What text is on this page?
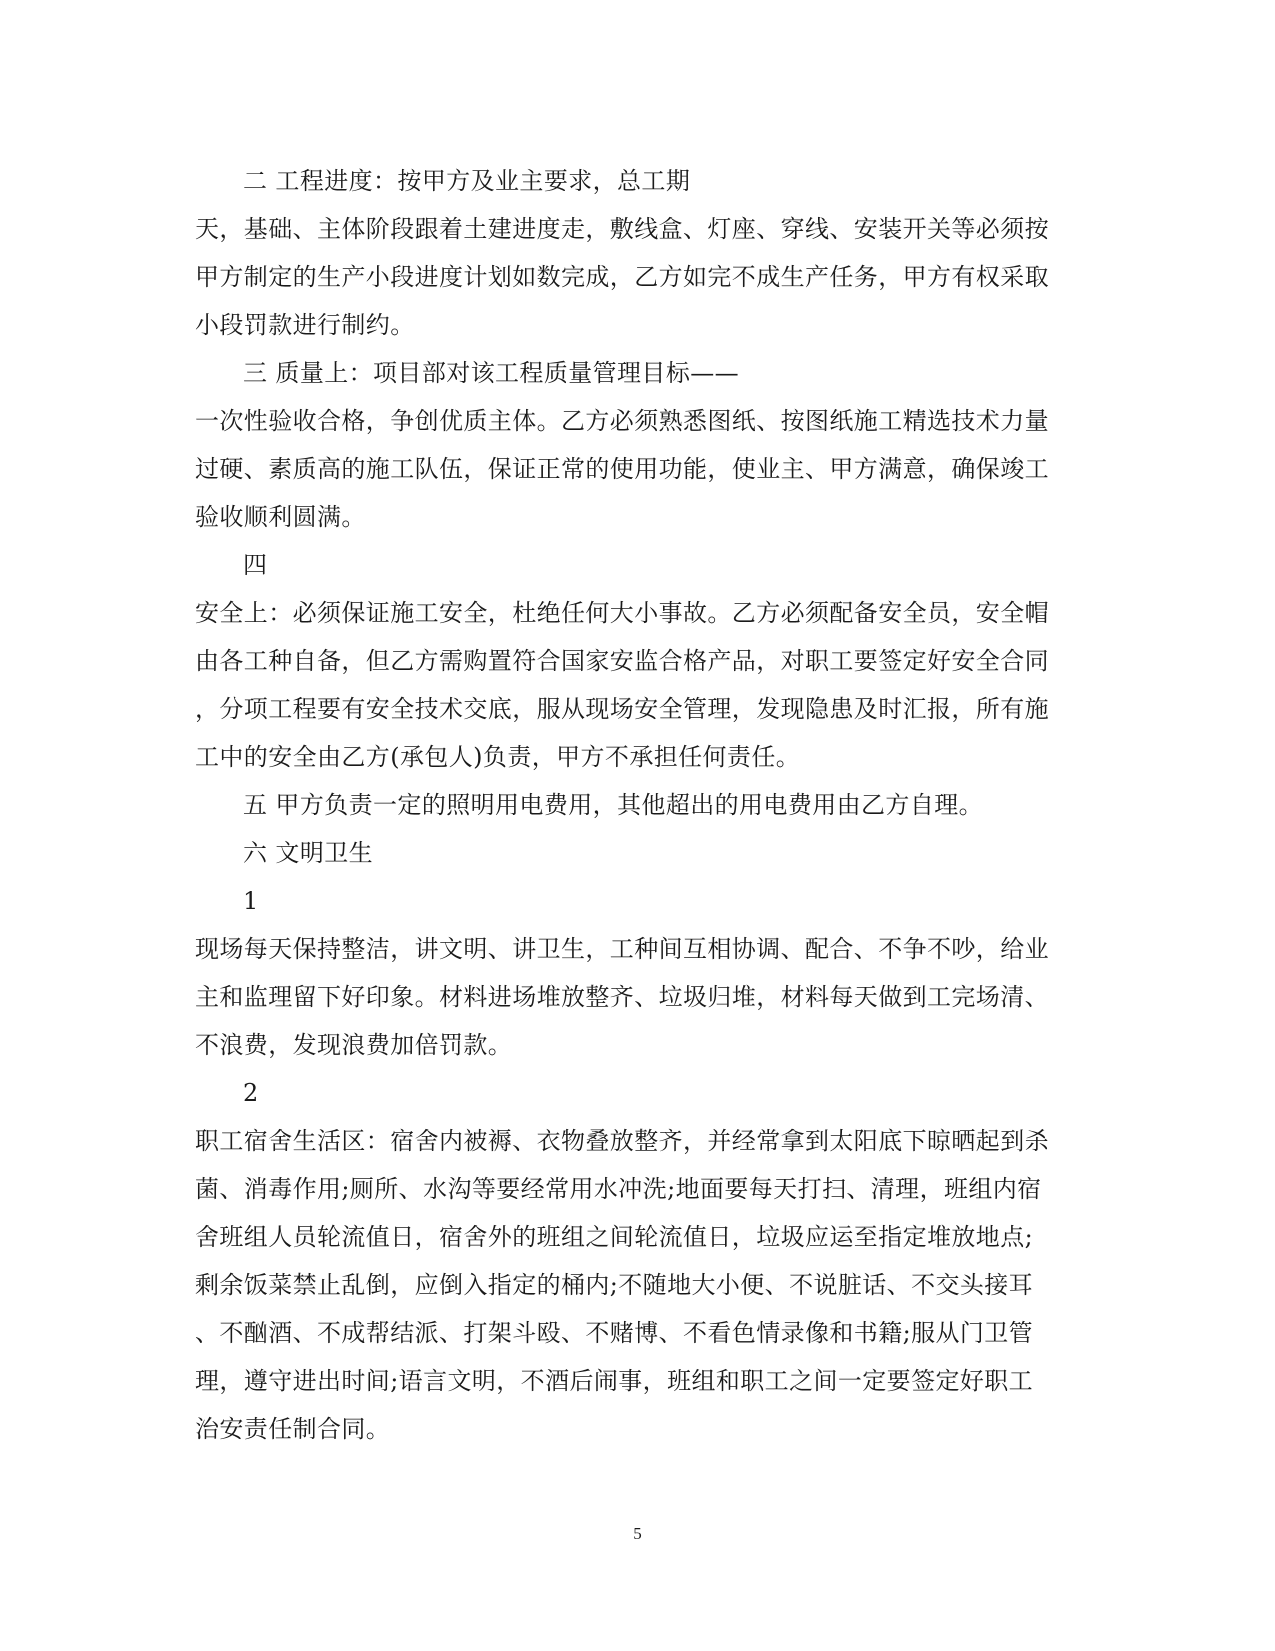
二 工程进度：按甲方及业主要求，总工期
天，基础、主体阶段跟着土建进度走，敷线盒、灯座、穿线、安装开关等必须按
甲方制定的生产小段进度计划如数完成，乙方如完不成生产任务，甲方有权采取
小段罚款进行制约。
三 质量上：项目部对该工程质量管理目标——
一次性验收合格，争创优质主体。乙方必须熟悉图纸、按图纸施工精选技术力量
过硬、素质高的施工队伍，保证正常的使用功能，使业主、甲方满意，确保竣工
验收顺利圆满。
四
安全上：必须保证施工安全，杜绝任何大小事故。乙方必须配备安全员，安全帽
由各工种自备，但乙方需购置符合国家安监合格产品，对职工要签定好安全合同
，分项工程要有安全技术交底，服从现场安全管理，发现隐患及时汇报，所有施
工中的安全由乙方(承包人)负责，甲方不承担任何责任。
五 甲方负责一定的照明用电费用，其他超出的用电费用由乙方自理。
六 文明卫生
1
现场每天保持整洁，讲文明、讲卫生，工种间互相协调、配合、不争不吵，给业
主和监理留下好印象。材料进场堆放整齐、垃圾归堆，材料每天做到工完场清、
不浪费，发现浪费加倍罚款。
2
职工宿舍生活区：宿舍内被褥、衣物叠放整齐，并经常拿到太阳底下晾晒起到杀
菌、消毒作用;厕所、水沟等要经常用水冲洗;地面要每天打扫、清理，班组内宿
舍班组人员轮流值日，宿舍外的班组之间轮流值日，垃圾应运至指定堆放地点;
剩余饭菜禁止乱倒，应倒入指定的桶内;不随地大小便、不说脏话、不交头接耳
、不酗酒、不成帮结派、打架斗殴、不赌博、不看色情录像和书籍;服从门卫管
理，遵守进出时间;语言文明，不酒后闹事，班组和职工之间一定要签定好职工
治安责任制合同。
5
